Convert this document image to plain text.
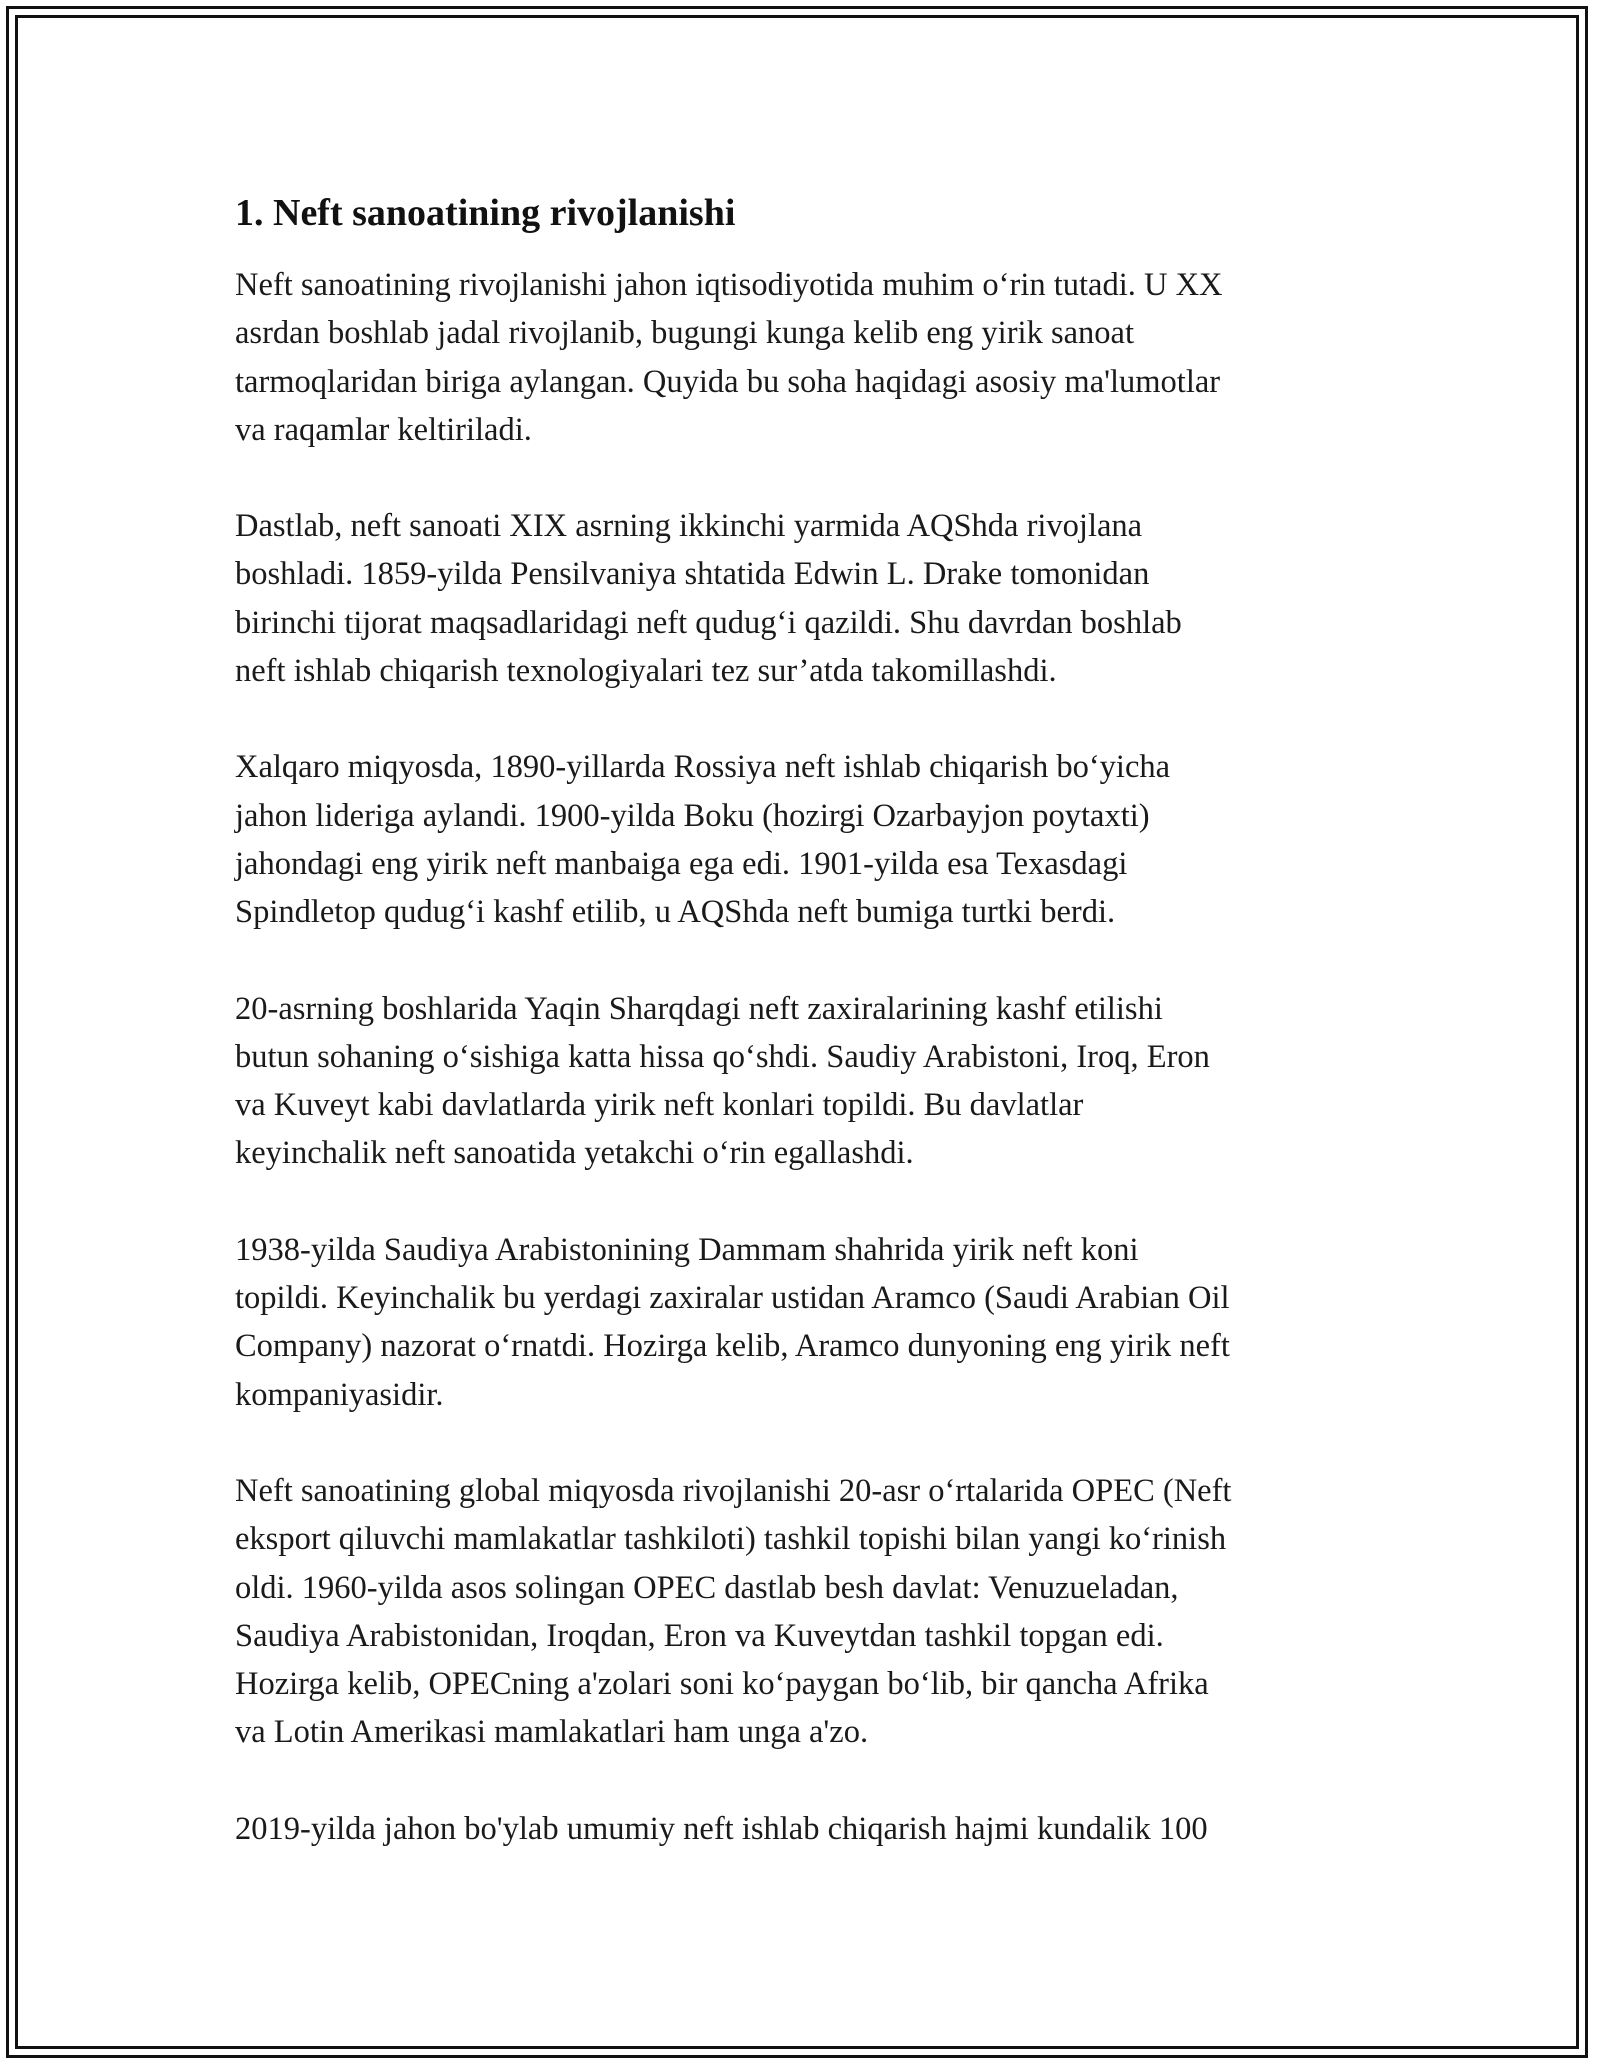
1. Neft sanoatining rivojlanishi

Neft sanoatining rivojlanishi jahon iqtisodiyotida muhim o‘rin tutadi. U XX
asrdan boshlab jadal rivojlanib, bugungi kunga kelib eng yirik sanoat
tarmoqlaridan biriga aylangan. Quyida bu soha haqidagi asosiy ma'lumotlar
va raqamlar keltiriladi.

Dastlab, neft sanoati XIX asrning ikkinchi yarmida AQShda rivojlana
boshladi. 1859-yilda Pensilvaniya shtatida Edwin L. Drake tomonidan
birinchi tijorat maqsadlaridagi neft qudug‘i qazildi. Shu davrdan boshlab
neft ishlab chiqarish texnologiyalari tez sur’atda takomillashdi.

Xalqaro miqyosda, 1890-yillarda Rossiya neft ishlab chiqarish bo‘yicha
jahon lideriga aylandi. 1900-yilda Boku (hozirgi Ozarbayjon poytaxti)
jahondagi eng yirik neft manbaiga ega edi. 1901-yilda esa Texasdagi
Spindletop qudug‘i kashf etilib, u AQShda neft bumiga turtki berdi.

20-asrning boshlarida Yaqin Sharqdagi neft zaxiralarining kashf etilishi
butun sohaning o‘sishiga katta hissa qo‘shdi. Saudiy Arabistoni, Iroq, Eron
va Kuveyt kabi davlatlarda yirik neft konlari topildi. Bu davlatlar
keyinchalik neft sanoatida yetakchi o‘rin egallashdi.

1938-yilda Saudiya Arabistonining Dammam shahrida yirik neft koni
topildi. Keyinchalik bu yerdagi zaxiralar ustidan Aramco (Saudi Arabian Oil
Company) nazorat o‘rnatdi. Hozirga kelib, Aramco dunyoning eng yirik neft
kompaniyasidir.

Neft sanoatining global miqyosda rivojlanishi 20-asr o‘rtalarida OPEC (Neft
eksport qiluvchi mamlakatlar tashkiloti) tashkil topishi bilan yangi ko‘rinish
oldi. 1960-yilda asos solingan OPEC dastlab besh davlat: Venuzueladan,
Saudiya Arabistonidan, Iroqdan, Eron va Kuveytdan tashkil topgan edi.
Hozirga kelib, OPECning a'zolari soni ko‘paygan bo‘lib, bir qancha Afrika
va Lotin Amerikasi mamlakatlari ham unga a'zo.

2019-yilda jahon bo'ylab umumiy neft ishlab chiqarish hajmi kundalik 100
